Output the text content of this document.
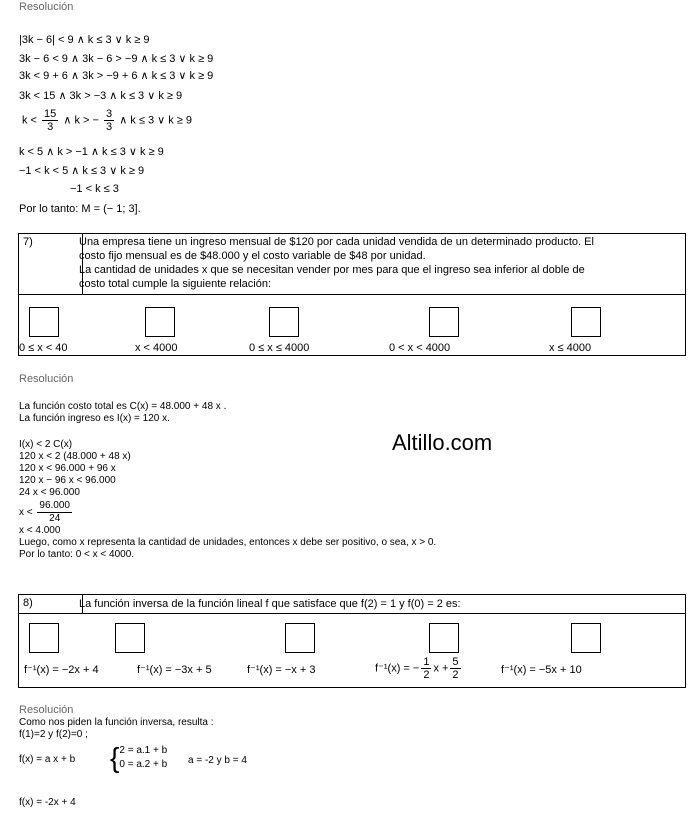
Resolución
|3k − 6| < 9 ∧ k ≤ 3 ∨ k ≥ 9
3k − 6 < 9 ∧ 3k − 6 > −9 ∧ k ≤ 3 ∨ k ≥ 9
3k < 9 + 6 ∧ 3k > −9 + 6 ∧ k ≤ 3 ∨ k ≥ 9
3k < 15 ∧ 3k > −3 ∧ k ≤ 3 ∨ k ≥ 9
$k < \frac{15}{3}$ ∧ k > − $\frac{3}{3}$ ∧ k ≤ 3 ∨ k ≥ 9
k < 5 ∧ k > −1 ∧ k ≤ 3 ∨ k ≥ 9
−1 < k < 5 ∧ k ≤ 3 ∨ k ≥ 9
−1 < k ≤ 3
Por lo tanto: M = (− 1; 3].
7)	Una empresa tiene un ingreso mensual de $120 por cada unidad vendida de un determinado producto. El
costo fijo mensual es de $48.000 y el costo variable de $48 por unidad.
La cantidad de unidades x que se necesitan vender por mes para que el ingreso sea inferior al doble de
costo total cumple la siguiente relación:
0 ≤ x < 40	x < 4000	0 ≤ x ≤ 4000	0 < x < 4000	x ≤ 4000
Resolución
La función costo total es C(x) = 48.000 + 48 x .
La función ingreso es I(x) = 120 x.
I(x) < 2 C(x)
120 x < 2 (48.000 + 48 x)
120 x < 96.000 + 96 x
120 x − 96 x < 96.000
24 x < 96.000
$x < \frac{96.000}{24}$
x < 4.000
Luego, como x representa la cantidad de unidades, entonces x debe ser positivo, o sea, x > 0.
Por lo tanto: 0 < x < 4000.
Altillo.com
8)	La función inversa de la función lineal f que satisface que f(2) = 1 y f(0) = 2 es:
f⁻¹(x) = −2x + 4	f⁻¹(x) = −3x + 5	f⁻¹(x) = −x + 3	f⁻¹(x) = − $\frac{1}{2}$ $x + \frac{5}{2}$	f⁻¹(x) = −5x + 10
Resolución
Como nos piden la función inversa, resulta :
f(1)=2 y f(2)=0 ;
f(x) = a x + b { 2 = a.1 + b
0 = a.2 + b a = -2 y b = 4
f(x) = -2x + 4
